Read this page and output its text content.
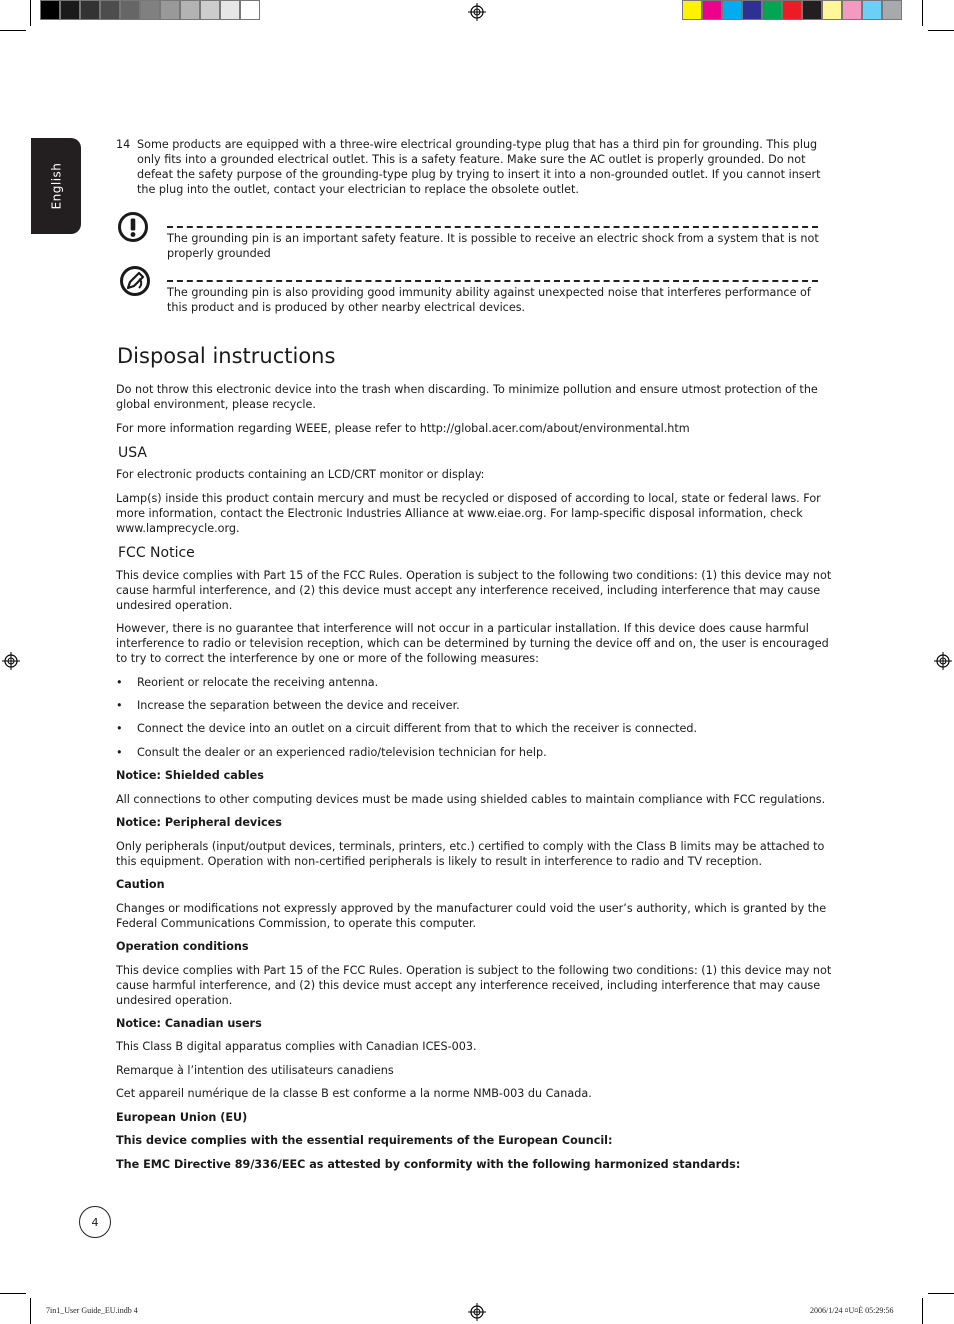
English
14 Some products are equipped with a three-wire electrical grounding-type plug that has a third pin for grounding. This plug only fits into a grounded electrical outlet. This is a safety feature. Make sure the AC outlet is properly grounded. Do not defeat the safety purpose of the grounding-type plug by trying to insert it into a non-grounded outlet. If you cannot insert the plug into the outlet, contact your electrician to replace the obsolete outlet.

The grounding pin is an important safety feature. It is possible to receive an electric shock from a system that is not properly grounded

The grounding pin is also providing good immunity ability against unexpected noise that interferes performance of this product and is produced by other nearby electrical devices.

Disposal instructions

Do not throw this electronic device into the trash when discarding. To minimize pollution and ensure utmost protection of the global environment, please recycle.

For more information regarding WEEE, please refer to http://global.acer.com/about/environmental.htm

USA

For electronic products containing an LCD/CRT monitor or display:

Lamp(s) inside this product contain mercury and must be recycled or disposed of according to local, state or federal laws. For more information, contact the Electronic Industries Alliance at www.eiae.org. For lamp-specific disposal information, check www.lamprecycle.org.

FCC Notice

This device complies with Part 15 of the FCC Rules. Operation is subject to the following two conditions: (1) this device may not cause harmful interference, and (2) this device must accept any interference received, including interference that may cause undesired operation.

However, there is no guarantee that interference will not occur in a particular installation. If this device does cause harmful interference to radio or television reception, which can be determined by turning the device off and on, the user is encouraged to try to correct the interference by one or more of the following measures:

• Reorient or relocate the receiving antenna.
• Increase the separation between the device and receiver.
• Connect the device into an outlet on a circuit different from that to which the receiver is connected.
• Consult the dealer or an experienced radio/television technician for help.

Notice: Shielded cables

All connections to other computing devices must be made using shielded cables to maintain compliance with FCC regulations.

Notice: Peripheral devices

Only peripherals (input/output devices, terminals, printers, etc.) certified to comply with the Class B limits may be attached to this equipment. Operation with non-certified peripherals is likely to result in interference to radio and TV reception.

Caution

Changes or modifications not expressly approved by the manufacturer could void the user’s authority, which is granted by the Federal Communications Commission, to operate this computer.

Operation conditions

This device complies with Part 15 of the FCC Rules. Operation is subject to the following two conditions: (1) this device may not cause harmful interference, and (2) this device must accept any interference received, including interference that may cause undesired operation.

Notice: Canadian users

This Class B digital apparatus complies with Canadian ICES-003.

Remarque à l’intention des utilisateurs canadiens

Cet appareil numérique de la classe B est conforme a la norme NMB-003 du Canada.

European Union (EU)

This device complies with the essential requirements of the European Council:

The EMC Directive 89/336/EEC as attested by conformity with the following harmonized standards:

4
7in1_User Guide_EU.indb 4	2006/1/24 ¤U¤È 05:29:56
